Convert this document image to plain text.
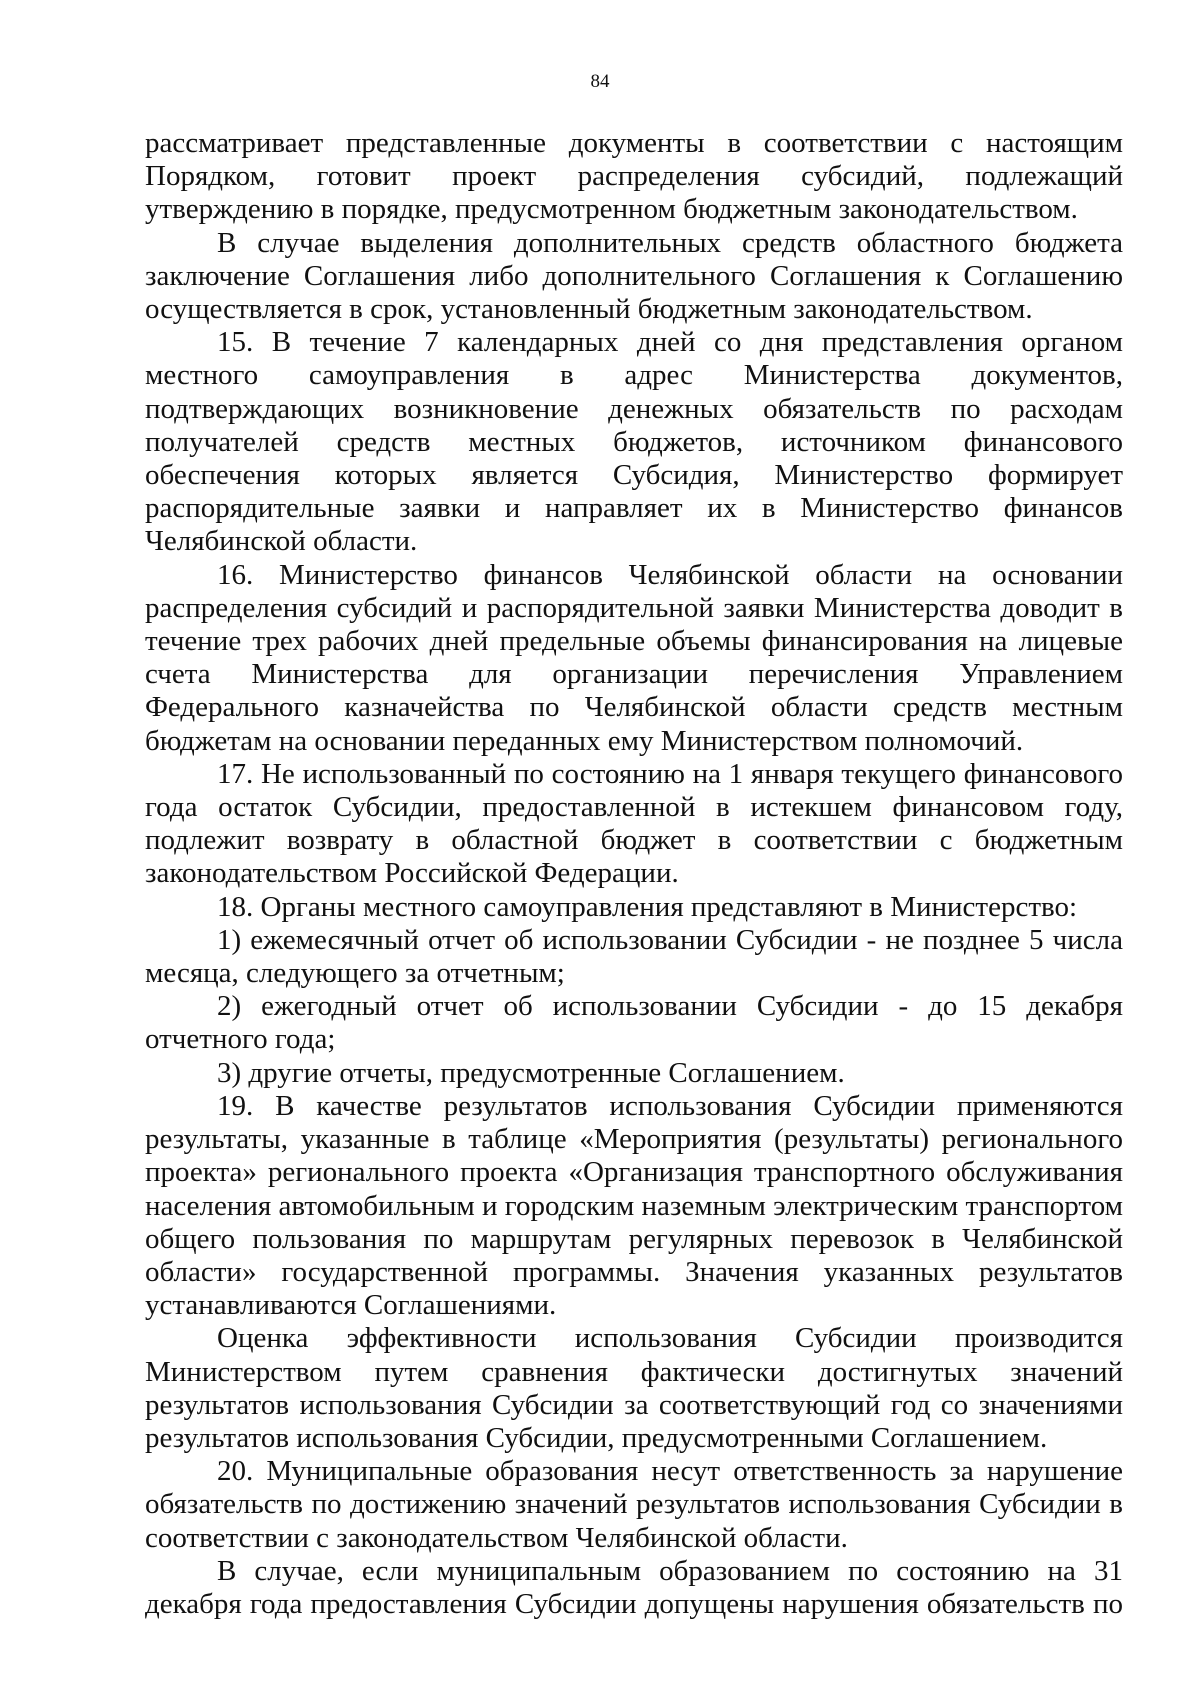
84

рассматривает представленные документы в соответствии с настоящим Порядком, готовит проект распределения субсидий, подлежащий утверждению в порядке, предусмотренном бюджетным законодательством.

В случае выделения дополнительных средств областного бюджета заключение Соглашения либо дополнительного Соглашения к Соглашению осуществляется в срок, установленный бюджетным законодательством.

15. В течение 7 календарных дней со дня представления органом местного самоуправления в адрес Министерства документов, подтверждающих возникновение денежных обязательств по расходам получателей средств местных бюджетов, источником финансового обеспечения которых является Субсидия, Министерство формирует распорядительные заявки и направляет их в Министерство финансов Челябинской области.

16. Министерство финансов Челябинской области на основании распределения субсидий и распорядительной заявки Министерства доводит в течение трех рабочих дней предельные объемы финансирования на лицевые счета Министерства для организации перечисления Управлением Федерального казначейства по Челябинской области средств местным бюджетам на основании переданных ему Министерством полномочий.

17. Не использованный по состоянию на 1 января текущего финансового года остаток Субсидии, предоставленной в истекшем финансовом году, подлежит возврату в областной бюджет в соответствии с бюджетным законодательством Российской Федерации.

18. Органы местного самоуправления представляют в Министерство:

1) ежемесячный отчет об использовании Субсидии - не позднее 5 числа месяца, следующего за отчетным;

2) ежегодный отчет об использовании Субсидии - до 15 декабря отчетного года;

3) другие отчеты, предусмотренные Соглашением.

19. В качестве результатов использования Субсидии применяются результаты, указанные в таблице «Мероприятия (результаты) регионального проекта» регионального проекта «Организация транспортного обслуживания населения автомобильным и городским наземным электрическим транспортом общего пользования по маршрутам регулярных перевозок в Челябинской области» государственной программы. Значения указанных результатов устанавливаются Соглашениями.

Оценка эффективности использования Субсидии производится Министерством путем сравнения фактически достигнутых значений результатов использования Субсидии за соответствующий год со значениями результатов использования Субсидии, предусмотренными Соглашением.

20. Муниципальные образования несут ответственность за нарушение обязательств по достижению значений результатов использования Субсидии в соответствии с законодательством Челябинской области.

В случае, если муниципальным образованием по состоянию на 31 декабря года предоставления Субсидии допущены нарушения обязательств по
